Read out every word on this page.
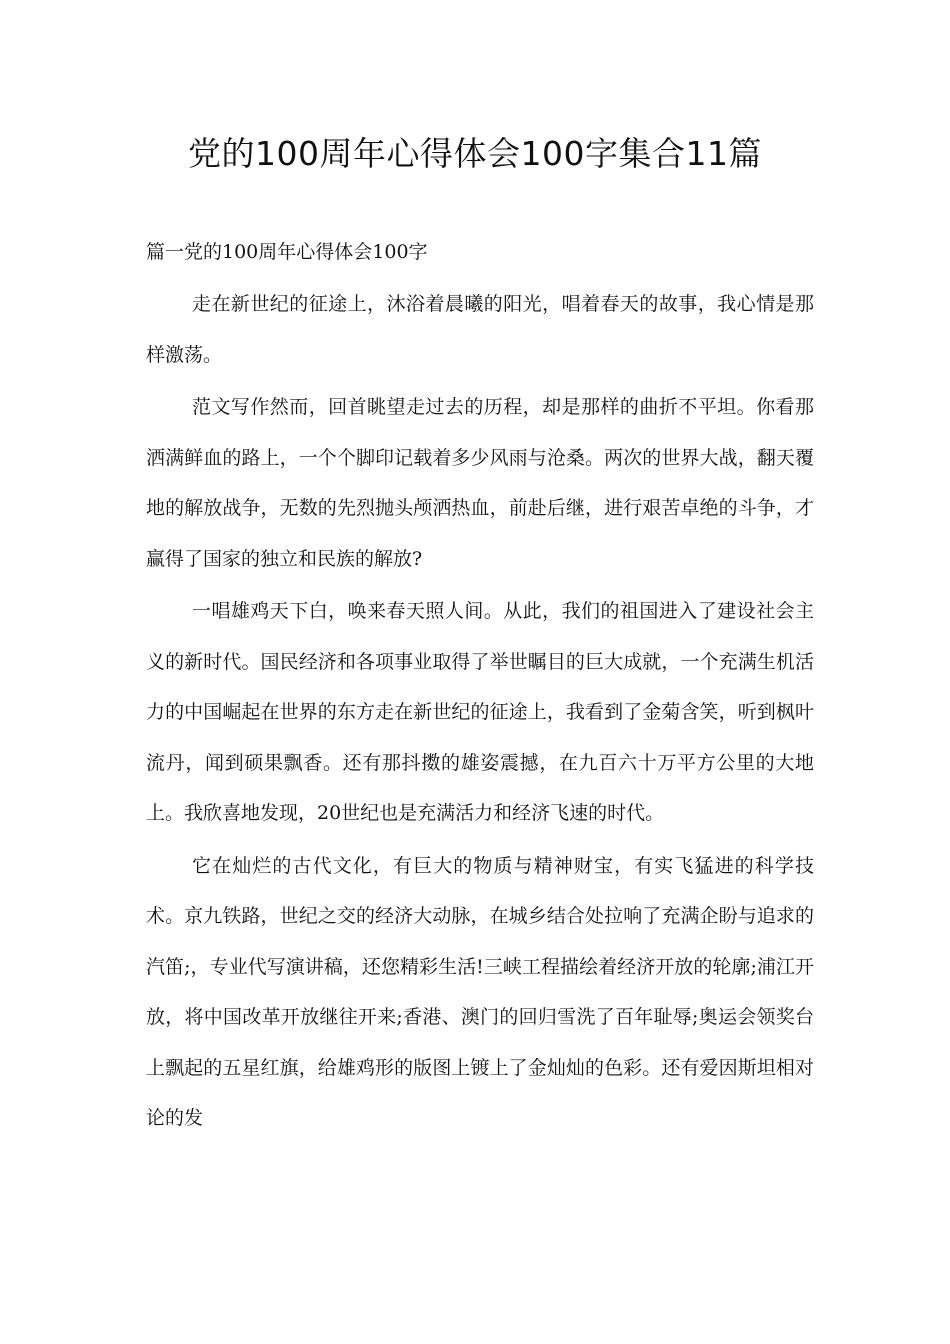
党的100周年心得体会100字集合11篇

篇一党的100周年心得体会100字

走在新世纪的征途上，沐浴着晨曦的阳光，唱着春天的故事，我心情是那样激荡。

范文写作然而，回首眺望走过去的历程，却是那样的曲折不平坦。你看那洒满鲜血的路上，一个个脚印记载着多少风雨与沧桑。两次的世界大战，翻天覆地的解放战争，无数的先烈抛头颅洒热血，前赴后继，进行艰苦卓绝的斗争，才赢得了国家的独立和民族的解放?

一唱雄鸡天下白，唤来春天照人间。从此，我们的祖国进入了建设社会主义的新时代。国民经济和各项事业取得了举世瞩目的巨大成就，一个充满生机活力的中国崛起在世界的东方走在新世纪的征途上，我看到了金菊含笑，听到枫叶流丹，闻到硕果飘香。还有那抖擞的雄姿震撼，在九百六十万平方公里的大地上。我欣喜地发现，20世纪也是充满活力和经济飞速的时代。

它在灿烂的古代文化，有巨大的物质与精神财宝，有实飞猛进的科学技术。京九铁路，世纪之交的经济大动脉，在城乡结合处拉响了充满企盼与追求的汽笛;，专业代写演讲稿，还您精彩生活!三峡工程描绘着经济开放的轮廓;浦江开放，将中国改革开放继往开来;香港、澳门的回归雪洗了百年耻辱;奥运会领奖台上飘起的五星红旗，给雄鸡形的版图上镀上了金灿灿的色彩。还有爱因斯坦相对论的发
